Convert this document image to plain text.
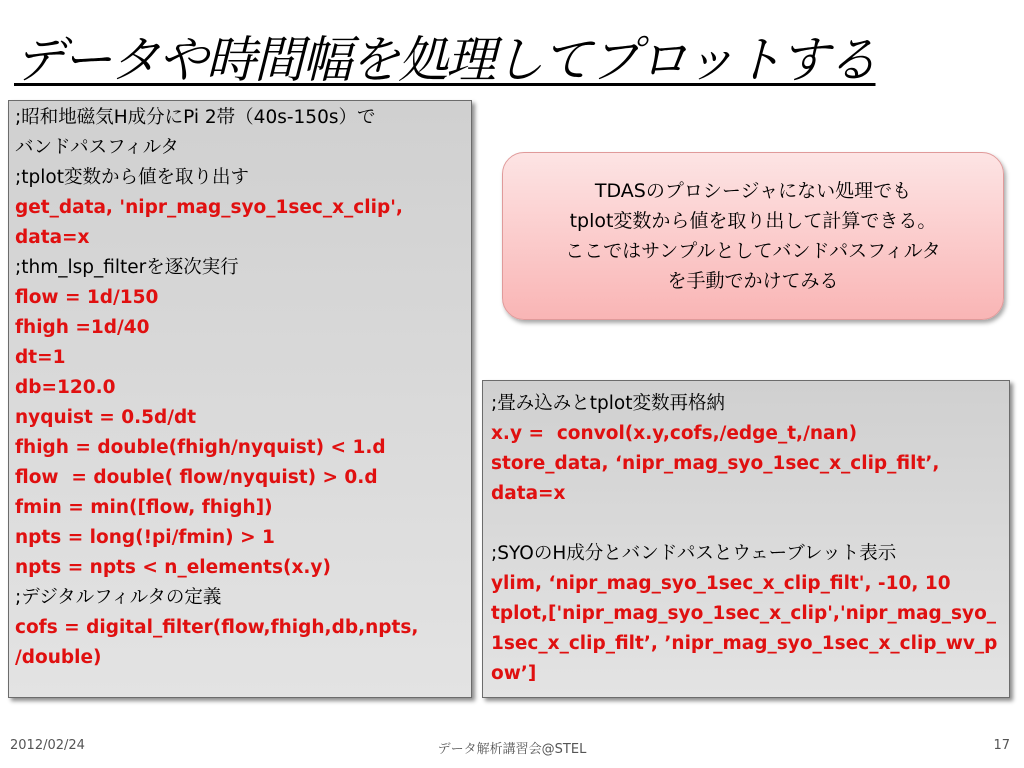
データや時間幅を処理してプロットする
;昭和地磁気H成分にPi 2帯（40s-150s）で
バンドパスフィルタ
;tplot変数から値を取り出す
get_data, 'nipr_mag_syo_1sec_x_clip',
data=x
;thm_lsp_filterを逐次実行
flow = 1d/150
fhigh =1d/40
dt=1
db=120.0
nyquist = 0.5d/dt
fhigh = double(fhigh/nyquist) < 1.d
flow  = double( flow/nyquist) > 0.d
fmin = min([flow, fhigh])
npts = long(!pi/fmin) > 1
npts = npts < n_elements(x.y)
;デジタルフィルタの定義
cofs = digital_filter(flow,fhigh,db,npts,
/double)
TDASのプロシージャにない処理でも
tplot変数から値を取り出して計算できる。
ここではサンプルとしてバンドパスフィルタ
を手動でかけてみる
;畳み込みとtplot変数再格納
x.y =  convol(x.y,cofs,/edge_t,/nan)
store_data, ‘nipr_mag_syo_1sec_x_clip_filt’,
data=x
;SYOのH成分とバンドパスとウェーブレット表示
ylim, ‘nipr_mag_syo_1sec_x_clip_filt', -10, 10
tplot,['nipr_mag_syo_1sec_x_clip','nipr_mag_syo_1sec_x_clip_filt’, ’nipr_mag_syo_1sec_x_clip_wv_pow’]
2012/02/24	データ解析講習会@STEL	17
